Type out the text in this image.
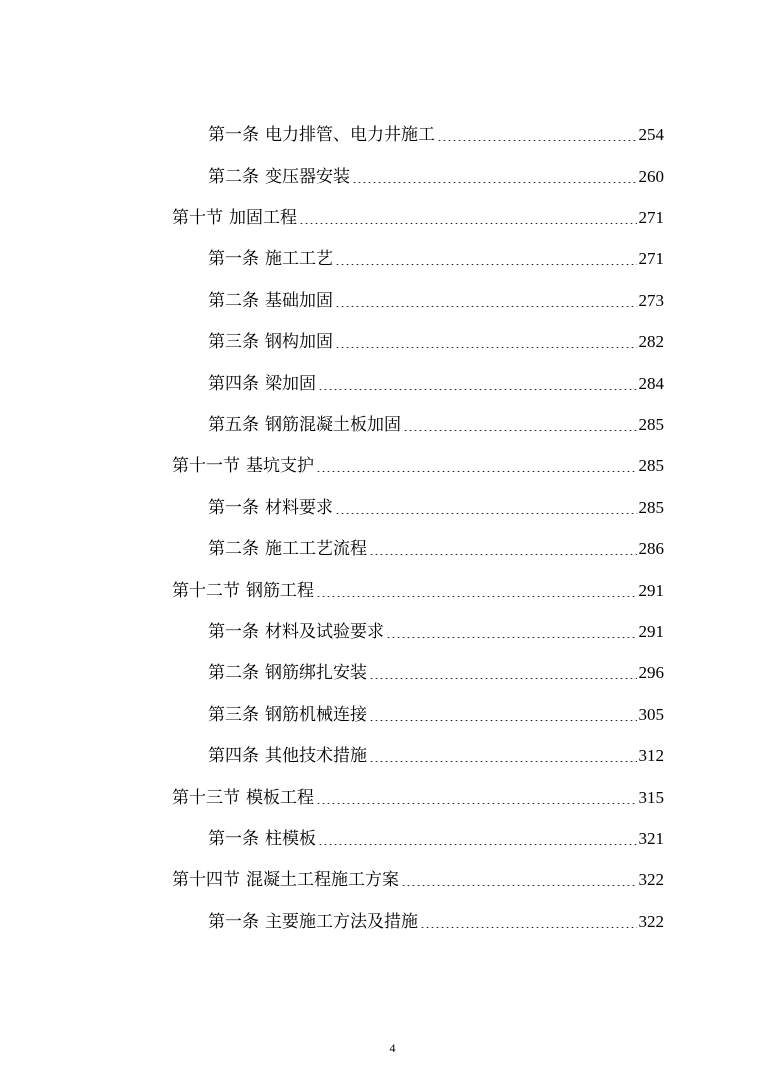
第一条 电力排管、电力井施工	254
第二条 变压器安装	260
第十节 加固工程	271
第一条 施工工艺	271
第二条 基础加固	273
第三条 钢构加固	282
第四条 梁加固	284
第五条 钢筋混凝土板加固	285
第十一节 基坑支护	285
第一条 材料要求	285
第二条 施工工艺流程	286
第十二节 钢筋工程	291
第一条 材料及试验要求	291
第二条 钢筋绑扎安装	296
第三条 钢筋机械连接	305
第四条 其他技术措施	312
第十三节 模板工程	315
第一条 柱模板	321
第十四节 混凝土工程施工方案	322
第一条 主要施工方法及措施	322
4
